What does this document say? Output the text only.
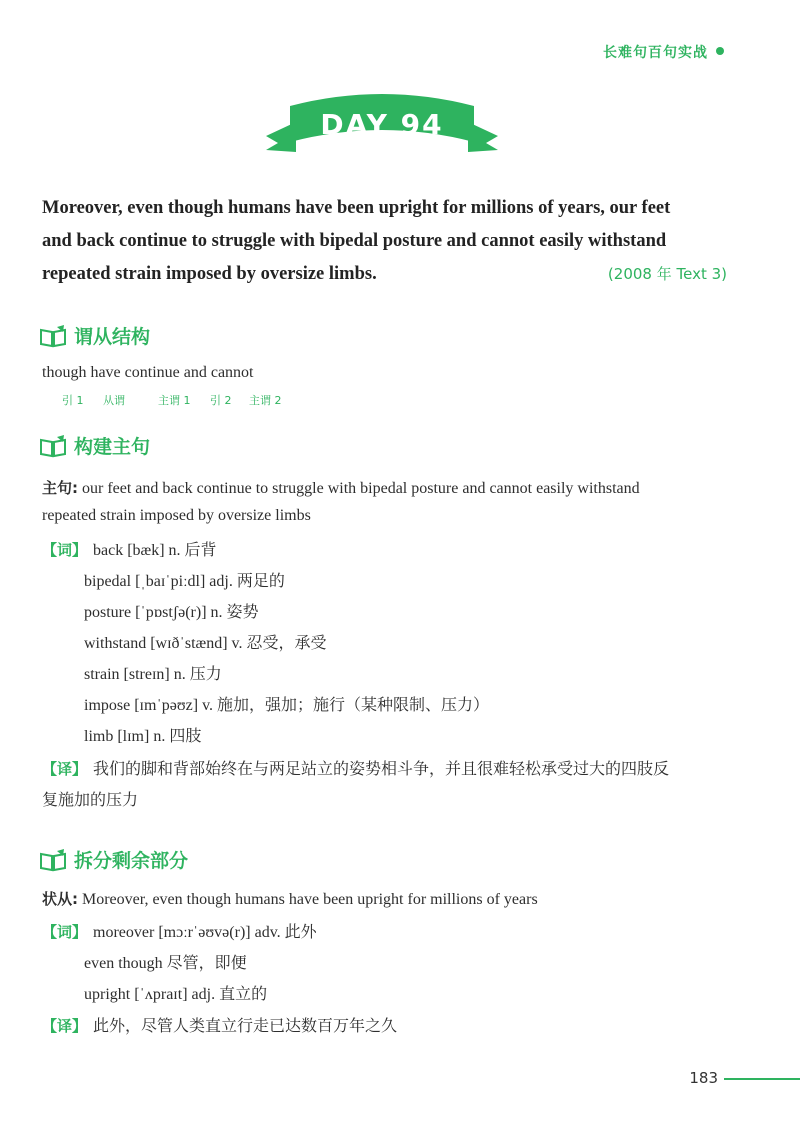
长难句百句实战
DAY 94
Moreover, even though humans have been upright for millions of years, our feet
and back continue to struggle with bipedal posture and cannot easily withstand
repeated strain imposed by oversize limbs.	(2008 年 Text 3)
谓从结构
though have continue and cannot
引 1 从谓	主谓 1 引 2 主谓 2
构建主句
主句: our feet and back continue to struggle with bipedal posture and cannot easily withstand
repeated strain imposed by oversize limbs
【词】 back [bæk] n. 后背
bipedal [ˌbaɪˈpiːdl] adj. 两足的
posture [ˈpɒstʃə(r)] n. 姿势
withstand [wɪðˈstænd] v. 忍受，承受
strain [streɪn] n. 压力
impose [ɪmˈpəʊz] v. 施加，强加；施行（某种限制、压力）
limb [lɪm] n. 四肢
【译】 我们的脚和背部始终在与两足站立的姿势相斗争，并且很难轻松承受过大的四肢反
复施加的压力
拆分剩余部分
状从: Moreover, even though humans have been upright for millions of years
【词】 moreover [mɔːrˈəʊvə(r)] adv. 此外
even though 尽管，即便
upright [ˈʌpraɪt] adj. 直立的
【译】 此外，尽管人类直立行走已达数百万年之久
183
